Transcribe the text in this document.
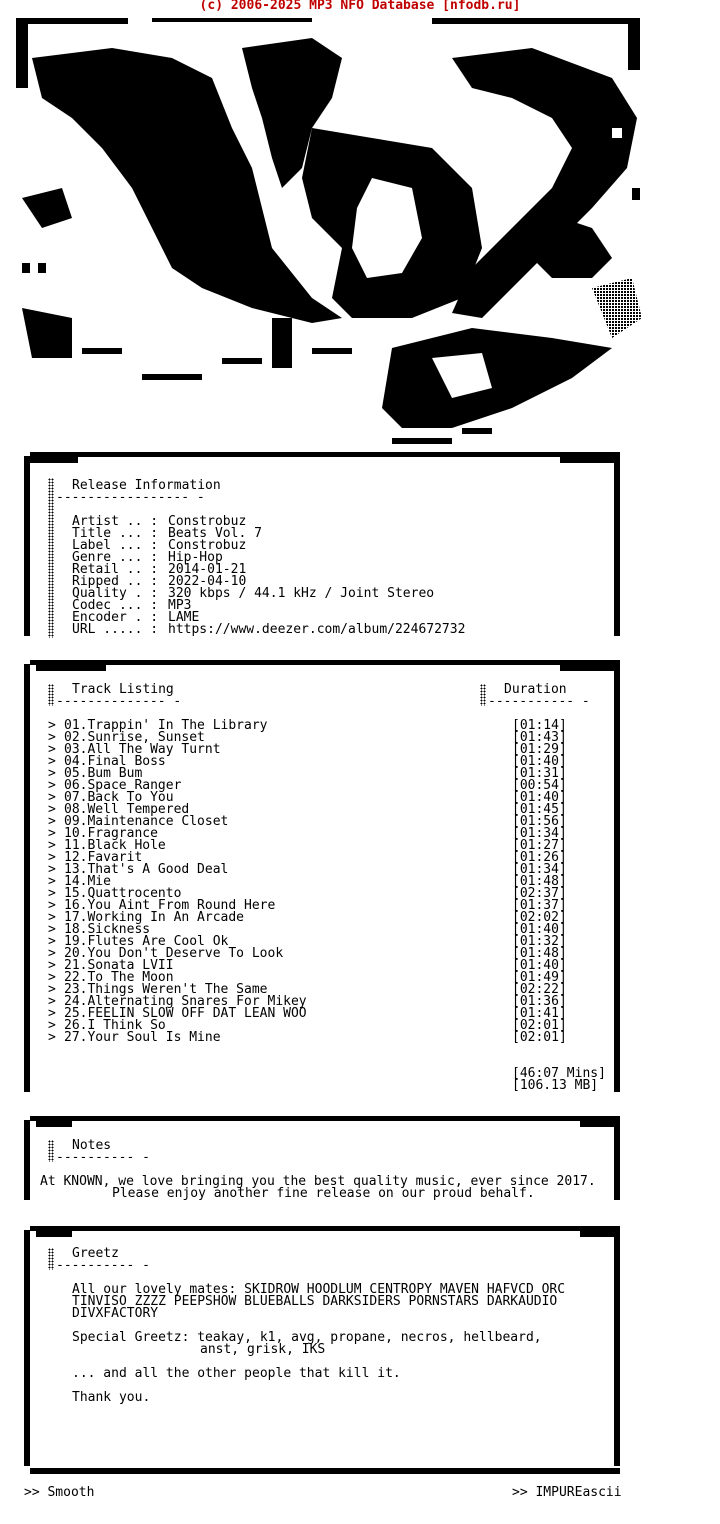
(c) 2006-2025 MP3 NFO Database [nfodb.ru]
sM
Release Information
----------------- -
Artist .. : Constrobuz
Title ... : Beats Vol. 7
Label ... : Constrobuz
Genre ... : Hip-Hop
Retail .. : 2014-01-21
Ripped .. : 2022-04-10
Quality . : 320 kbps / 44.1 kHz / Joint Stereo
Codec ... : MP3
Encoder . : LAME
URL ..... : https://www.deezer.com/album/224672732
Track Listing
-------------- -
Duration
----------- -
> 01.Trappin' In The Library	[01:14]
> 02.Sunrise, Sunset	[01:43]
> 03.All The Way Turnt	[01:29]
> 04.Final Boss	[01:40]
> 05.Bum Bum	[01:31]
> 06.Space Ranger	[00:54]
> 07.Back To You	[01:40]
> 08.Well Tempered	[01:45]
> 09.Maintenance Closet	[01:56]
> 10.Fragrance	[01:34]
> 11.Black Hole	[01:27]
> 12.Favarit	[01:26]
> 13.That's A Good Deal	[01:34]
> 14.Mie	[01:48]
> 15.Quattrocento	[02:37]
> 16.You Aint From Round Here	[01:37]
> 17.Working In An Arcade	[02:02]
> 18.Sickness	[01:40]
> 19.Flutes Are Cool Ok	[01:32]
> 20.You Don't Deserve To Look	[01:48]
> 21.Sonata LVII	[01:40]
> 22.To The Moon	[01:49]
> 23.Things Weren't The Same	[02:22]
> 24.Alternating Snares For Mikey	[01:36]
> 25.FEELIN SLOW OFF DAT LEAN WOO	[01:41]
> 26.I Think So	[02:01]
> 27.Your Soul Is Mine	[02:01]
[46:07 Mins]
[106.13 MB]
Notes
---------- -
At KNOWN, we love bringing you the best quality music, ever since 2017.
Please enjoy another fine release on our proud behalf.
Greetz
---------- -
All our lovely mates: SKIDROW HOODLUM CENTROPY MAVEN HAFVCD ORC
TINVISO ZZZZ PEEPSHOW BLUEBALLS DARKSIDERS PORNSTARS DARKAUDIO
DIVXFACTORY
Special Greetz: teakay, k1, avg, propane, necros, hellbeard,
anst, grisk, IKS
... and all the other people that kill it.
Thank you.
>> Smooth	>> IMPUREascii
